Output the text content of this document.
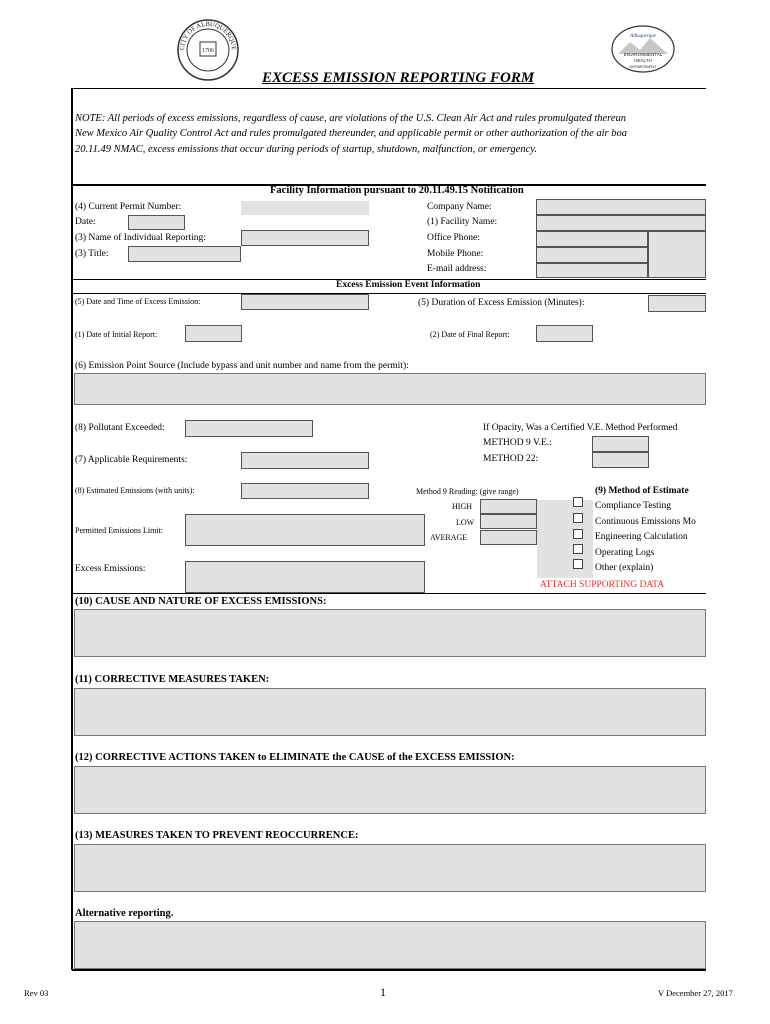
CITY OF ALBUQUERQUE
1706
Albuquerque
ENVIRONMENTAL
HEALTH
DEPARTMENT
EXCESS EMISSION REPORTING FORM
NOTE: All periods of excess emissions, regardless of cause, are violations of the U.S. Clean Air Act and rules promulgated thereun
New Mexico Air Quality Control Act and rules promulgated thereunder, and applicable permit or other authorization of the air boa
20.11.49 NMAC, excess emissions that occur during periods of startup, shutdown, malfunction, or emergency.
Facility Information pursuant to 20.11.49.15 Notification
(4) Current Permit Number:
Date:
(3) Name of Individual Reporting:
(3) Title:
Company Name:
(1) Facility Name:
Office Phone:
Mobile Phone:
E-mail address:
Excess Emission Event Information
(5) Date and Time of Excess Emission:	(5) Duration of Excess Emission (Minutes):
(1) Date of Initial Report:	(2) Date of Final Report:
(6) Emission Point Source (Include bypass and unit number and name from the permit):
(8) Pollutant Exceeded:	If Opacity, Was a Certified V.E. Method Performed
METHOD 9 V.E.:
METHOD 22:
(7) Applicable Requirements:
(8) Estimated Emissions (with units):	Method 9 Reading: (give range)
HIGH
LOW
AVERAGE
Permitted Emissions Limit:
Excess Emissions:
(9) Method of Estimate
Compliance Testing
Continuous Emissions Mo
Engineering Calculation
Operating Logs
Other (explain)
ATTACH SUPPORTING DATA
(10) CAUSE AND NATURE OF EXCESS EMISSIONS:
(11) CORRECTIVE MEASURES TAKEN:
(12) CORRECTIVE ACTIONS TAKEN to ELIMINATE the CAUSE of the EXCESS EMISSION:
(13) MEASURES TAKEN TO PREVENT REOCCURRENCE:
Alternative reporting.
Rev 03	1	V December 27, 2017
